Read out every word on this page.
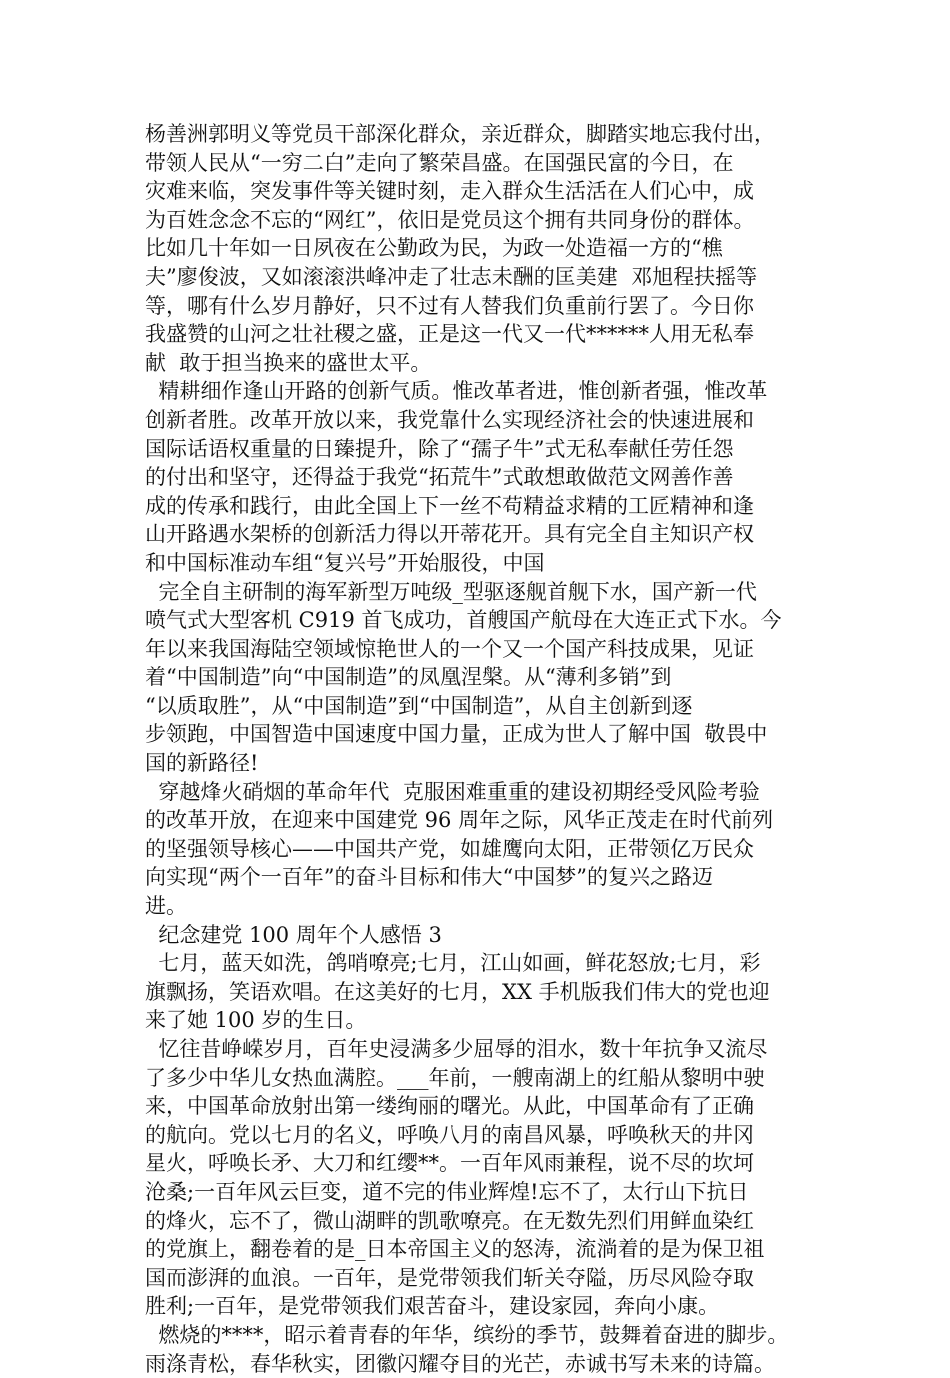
杨善洲郭明义等党员干部深化群众，亲近群众，脚踏实地忘我付出，
带领人民从“一穷二白”走向了繁荣昌盛。在国强民富的今日，在
灾难来临，突发事件等关键时刻，走入群众生活活在人们心中，成
为百姓念念不忘的“网红”，依旧是党员这个拥有共同身份的群体。
比如几十年如一日夙夜在公勤政为民，为政一处造福一方的“樵
夫”廖俊波，又如滚滚洪峰冲走了壮志未酬的匡美建  邓旭程扶摇等
等，哪有什么岁月静好，只不过有人替我们负重前行罢了。今日你
我盛赞的山河之壮社稷之盛，正是这一代又一代******人用无私奉
献  敢于担当换来的盛世太平。
精耕细作逢山开路的创新气质。惟改革者进，惟创新者强，惟改革
创新者胜。改革开放以来，我党靠什么实现经济社会的快速进展和
国际话语权重量的日臻提升，除了“孺子牛”式无私奉献任劳任怨
的付出和坚守，还得益于我党“拓荒牛”式敢想敢做范文网善作善
成的传承和践行，由此全国上下一丝不苟精益求精的工匠精神和逢
山开路遇水架桥的创新活力得以开蒂花开。具有完全自主知识产权
和中国标准动车组“复兴号”开始服役，中国
完全自主研制的海军新型万吨级_型驱逐舰首舰下水，国产新一代
喷气式大型客机 C919 首飞成功，首艘国产航母在大连正式下水。今
年以来我国海陆空领域惊艳世人的一个又一个国产科技成果，见证
着“中国制造”向“中国制造”的凤凰涅槃。从“薄利多销”到
“以质取胜”，从“中国制造”到“中国制造”，从自主创新到逐
步领跑，中国智造中国速度中国力量，正成为世人了解中国  敬畏中
国的新路径!
穿越烽火硝烟的革命年代  克服困难重重的建设初期经受风险考验
的改革开放，在迎来中国建党 96 周年之际，风华正茂走在时代前列
的坚强领导核心——中国共产党，如雄鹰向太阳，正带领亿万民众
向实现“两个一百年”的奋斗目标和伟大“中国梦”的复兴之路迈
进。
纪念建党 100 周年个人感悟 3
七月，蓝天如洗，鸽哨嘹亮;七月，江山如画，鲜花怒放;七月，彩
旗飘扬，笑语欢唱。在这美好的七月，XX 手机版我们伟大的党也迎
来了她 100 岁的生日。
忆往昔峥嵘岁月，百年史浸满多少屈辱的泪水，数十年抗争又流尽
了多少中华儿女热血满腔。___年前，一艘南湖上的红船从黎明中驶
来，中国革命放射出第一缕绚丽的曙光。从此，中国革命有了正确
的航向。党以七月的名义，呼唤八月的南昌风暴，呼唤秋天的井冈
星火，呼唤长矛、大刀和红缨**。一百年风雨兼程，说不尽的坎坷
沧桑;一百年风云巨变，道不完的伟业辉煌!忘不了，太行山下抗日
的烽火，忘不了，微山湖畔的凯歌嘹亮。在无数先烈们用鲜血染红
的党旗上，翻卷着的是_日本帝国主义的怒涛，流淌着的是为保卫祖
国而澎湃的血浪。一百年，是党带领我们斩关夺隘，历尽风险夺取
胜利;一百年，是党带领我们艰苦奋斗，建设家园，奔向小康。
燃烧的****，昭示着青春的年华，缤纷的季节，鼓舞着奋进的脚步。
雨涤青松，春华秋实，团徽闪耀夺目的光芒，赤诚书写未来的诗篇。
